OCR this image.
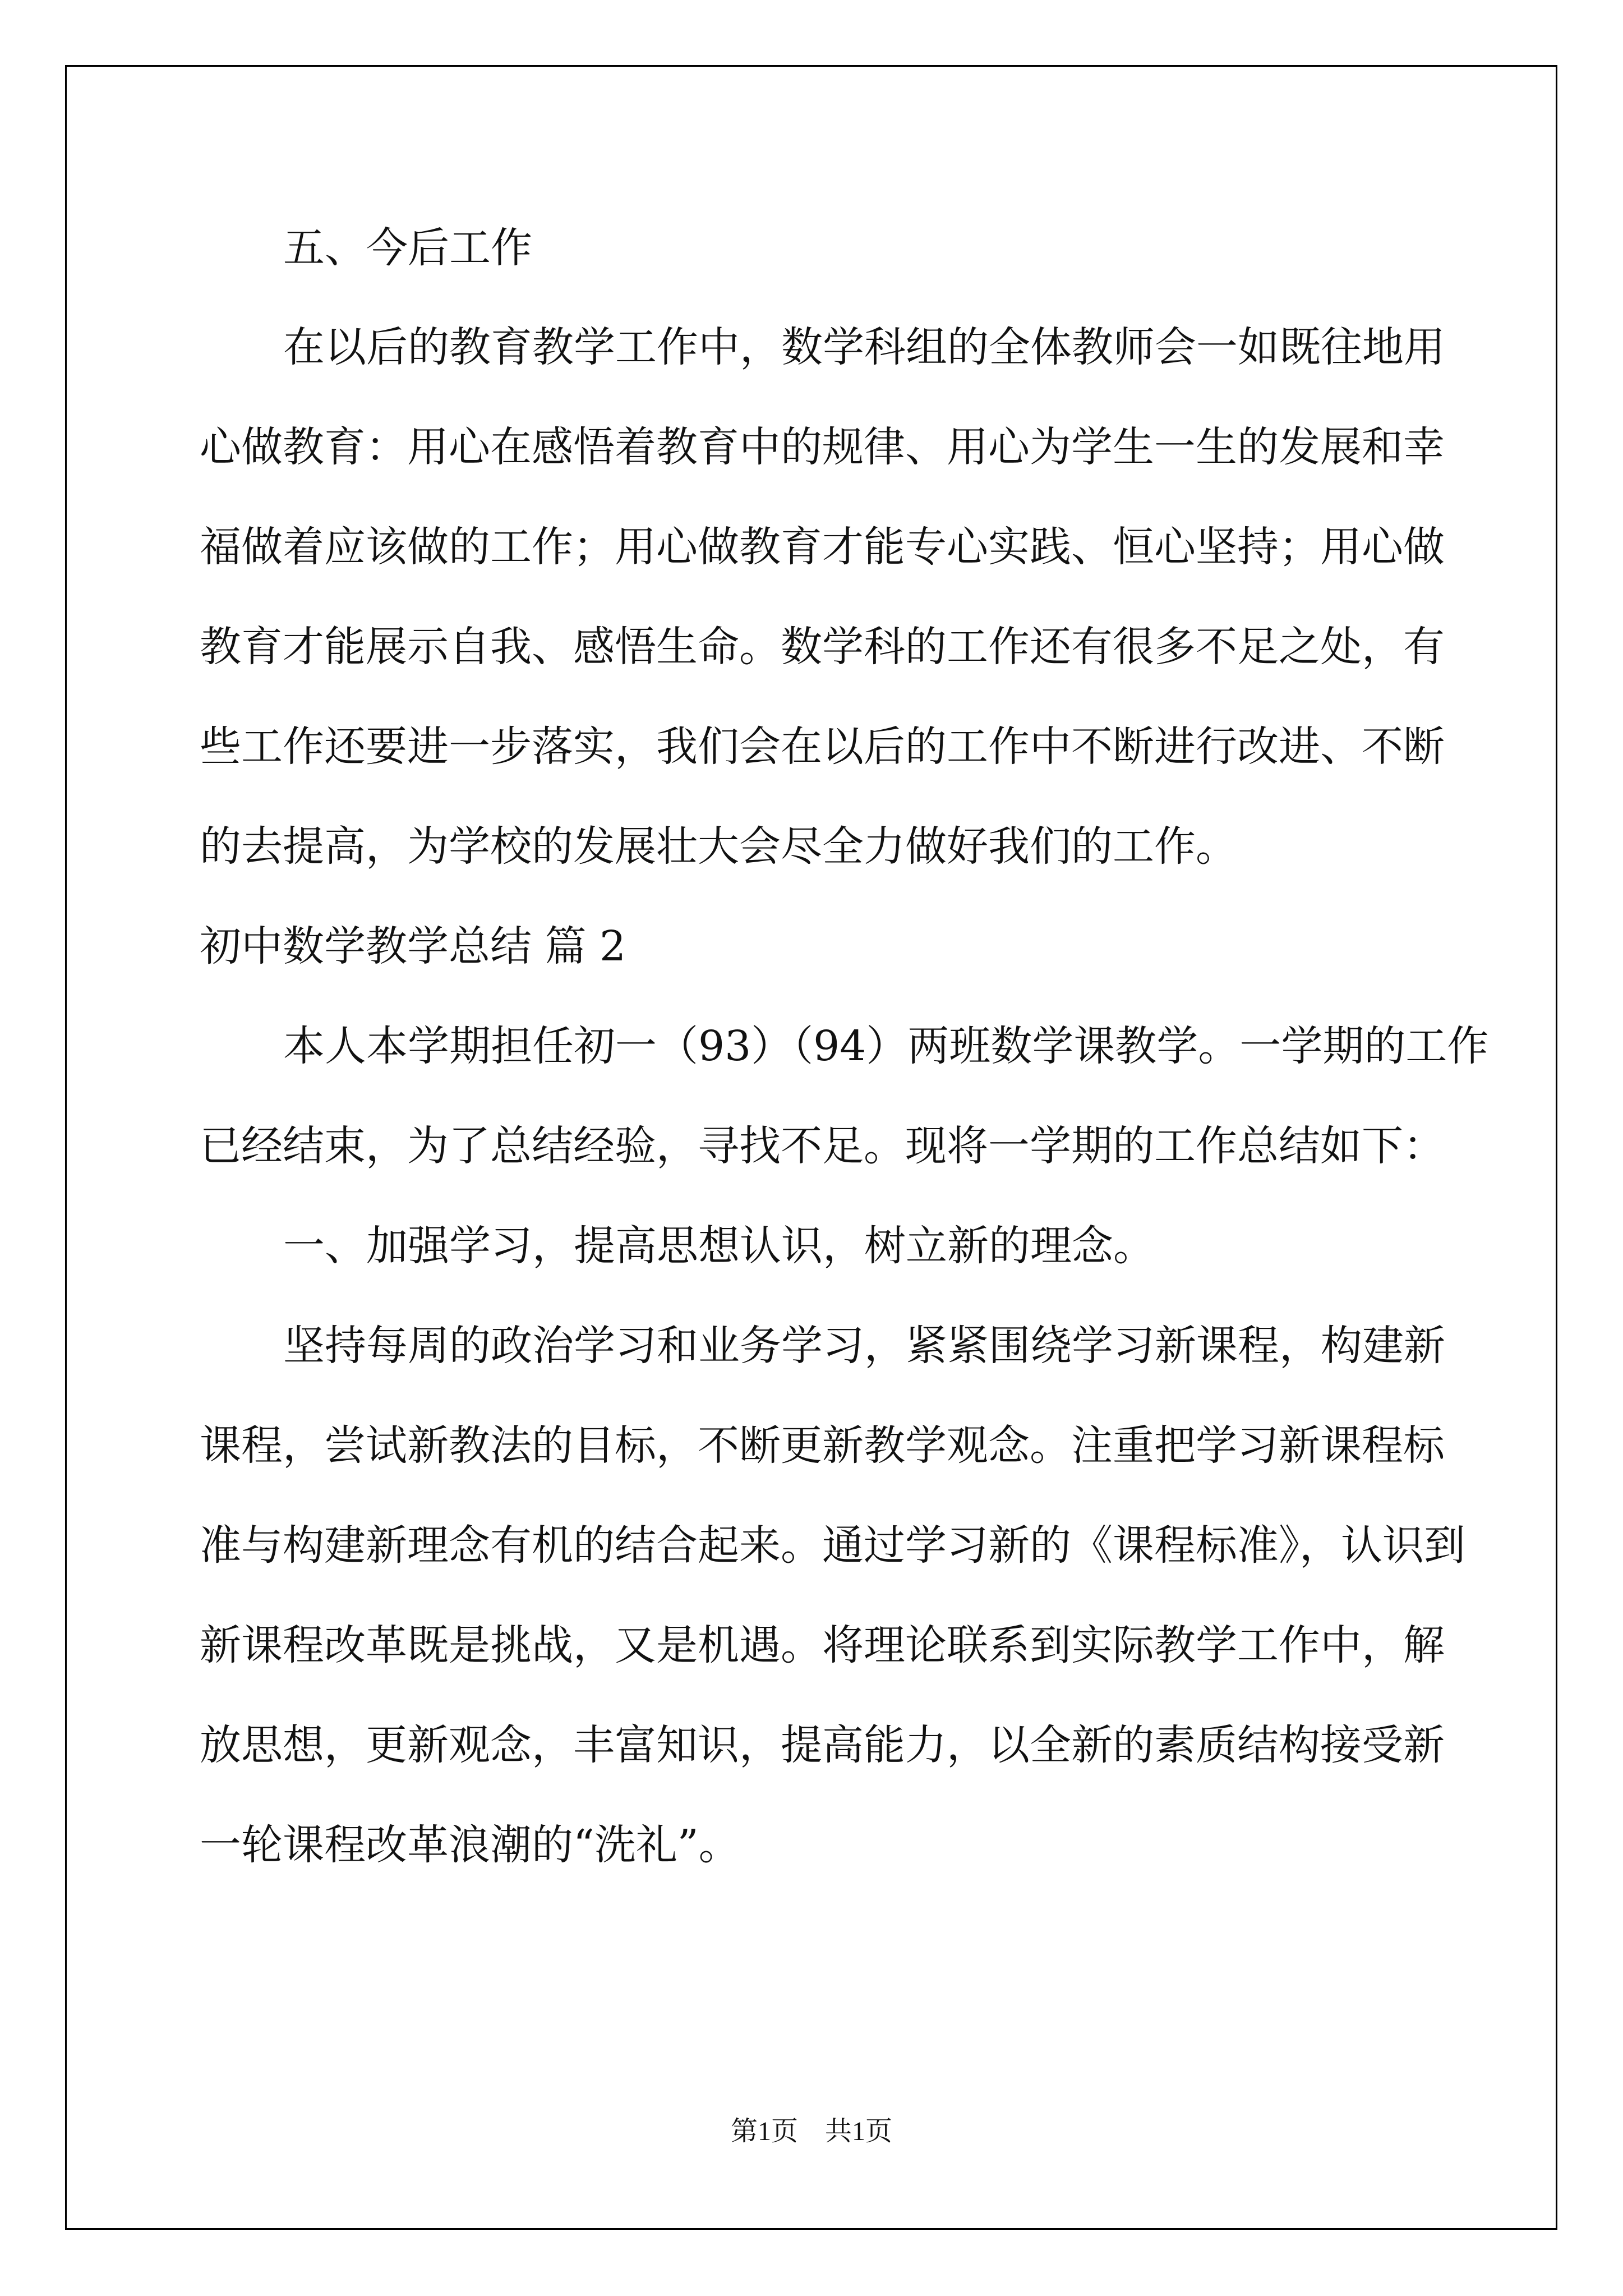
五、今后工作
在以后的教育教学工作中，数学科组的全体教师会一如既往地用
心做教育：用心在感悟着教育中的规律、用心为学生一生的发展和幸
福做着应该做的工作；用心做教育才能专心实践、恒心坚持；用心做
教育才能展示自我、感悟生命。数学科的工作还有很多不足之处，有
些工作还要进一步落实，我们会在以后的工作中不断进行改进、不断
的去提高，为学校的发展壮大会尽全力做好我们的工作。
初中数学教学总结 篇 2
本人本学期担任初一（93）（94）两班数学课教学。一学期的工作
已经结束，为了总结经验，寻找不足。现将一学期的工作总结如下：
一、加强学习，提高思想认识，树立新的理念。
坚持每周的政治学习和业务学习，紧紧围绕学习新课程，构建新
课程，尝试新教法的目标，不断更新教学观念。注重把学习新课程标
准与构建新理念有机的结合起来。通过学习新的《课程标准》，认识到
新课程改革既是挑战，又是机遇。将理论联系到实际教学工作中，解
放思想，更新观念，丰富知识，提高能力，以全新的素质结构接受新
一轮课程改革浪潮的“洗礼”。
第1页　共1页
